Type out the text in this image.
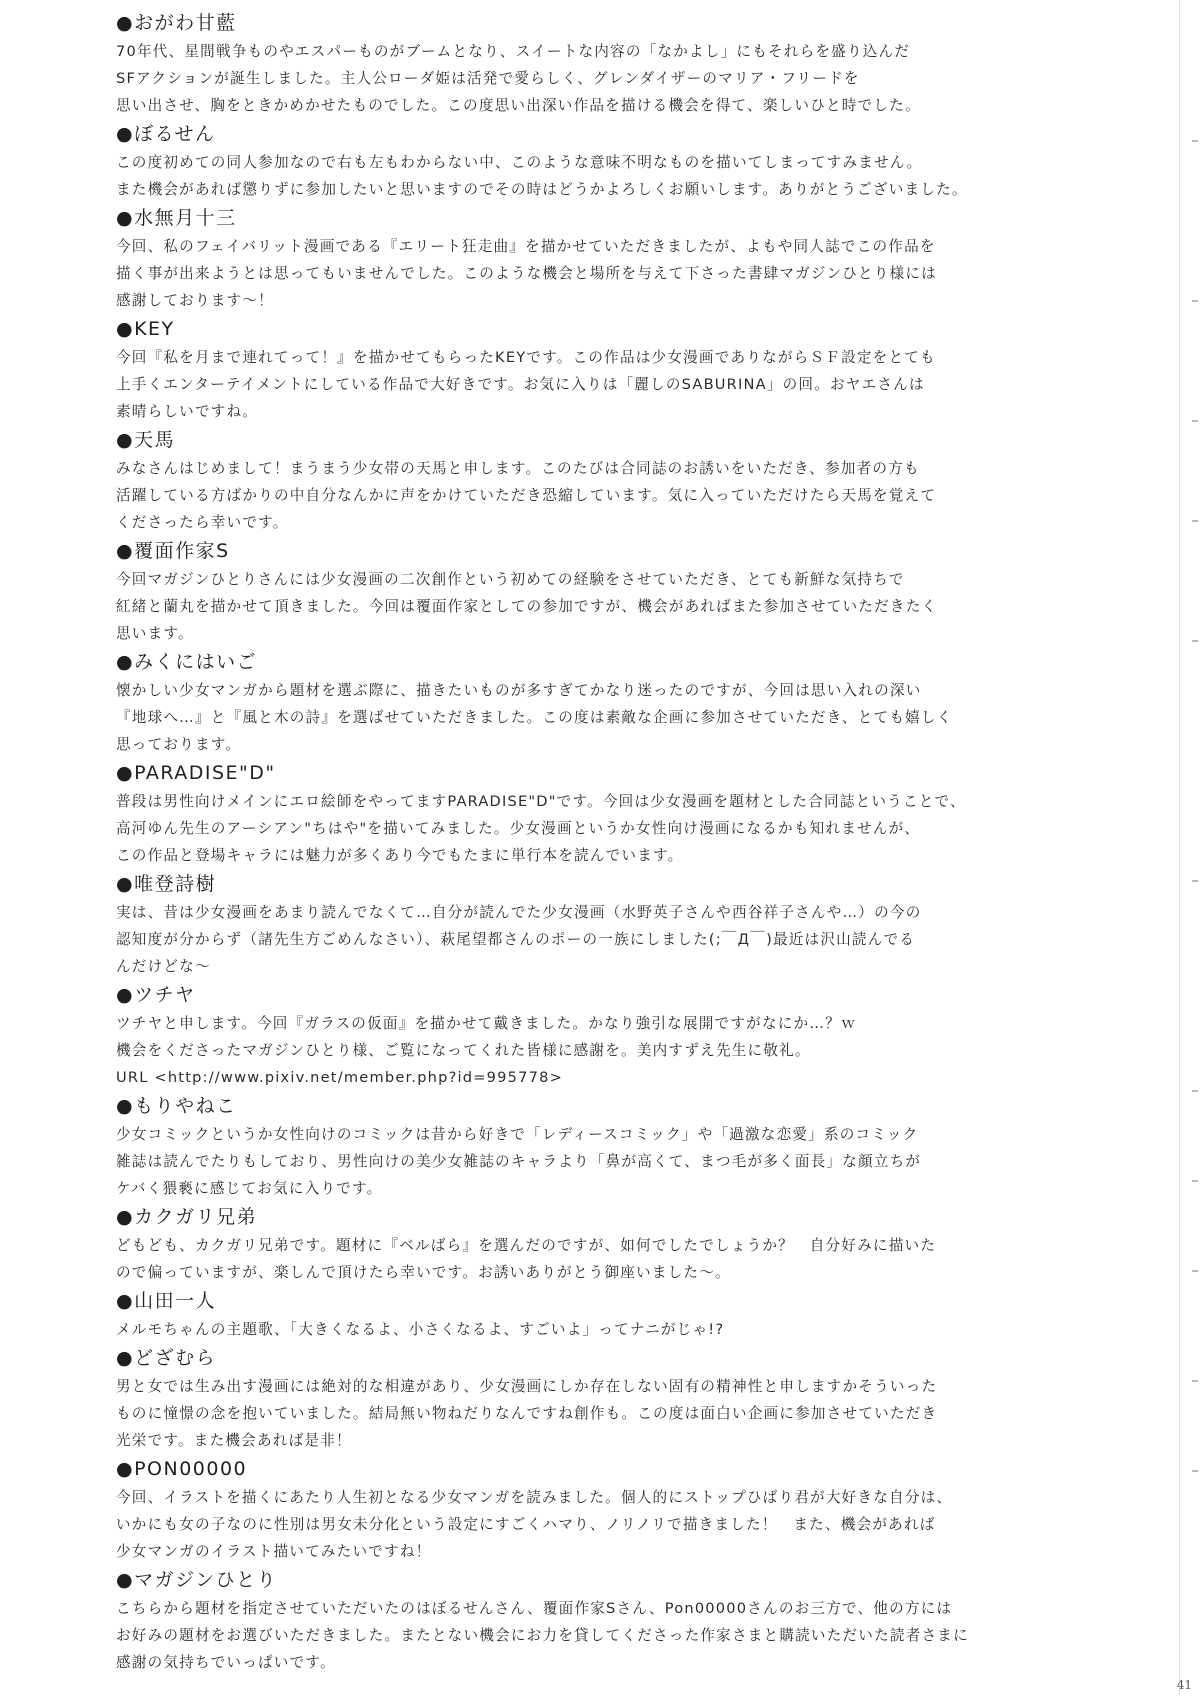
●おがわ甘藍
70年代、星間戦争ものやエスパーものがブームとなり、スイートな内容の「なかよし」にもそれらを盛り込んだ
SFアクションが誕生しました。主人公ローダ姫は活発で愛らしく、グレンダイザーのマリア・フリードを
思い出させ、胸をときかめかせたものでした。この度思い出深い作品を描ける機会を得て、楽しいひと時でした。
●ぼるせん
この度初めての同人参加なので右も左もわからない中、このような意味不明なものを描いてしまってすみません。
また機会があれば懲りずに参加したいと思いますのでその時はどうかよろしくお願いします。ありがとうございました。
●水無月十三
今回、私のフェイバリット漫画である『エリート狂走曲』を描かせていただきましたが、よもや同人誌でこの作品を
描く事が出来ようとは思ってもいませんでした。このような機会と場所を与えて下さった書肆マガジンひとり様には
感謝しております～！
●KEY
今回『私を月まで連れてって！』を描かせてもらったKEYです。この作品は少女漫画でありながらＳＦ設定をとても
上手くエンターテイメントにしている作品で大好きです。お気に入りは「麗しのSABURINA」の回。おヤエさんは
素晴らしいですね。
●天馬
みなさんはじめまして！まうまう少女帯の天馬と申します。このたびは合同誌のお誘いをいただき、参加者の方も
活躍している方ばかりの中自分なんかに声をかけていただき恐縮しています。気に入っていただけたら天馬を覚えて
くださったら幸いです。
●覆面作家S
今回マガジンひとりさんには少女漫画の二次創作という初めての経験をさせていただき、とても新鮮な気持ちで
紅緒と蘭丸を描かせて頂きました。今回は覆面作家としての参加ですが、機会があればまた参加させていただきたく
思います。
●みくにはいご
懐かしい少女マンガから題材を選ぶ際に、描きたいものが多すぎてかなり迷ったのですが、今回は思い入れの深い
『地球へ…』と『風と木の詩』を選ばせていただきました。この度は素敵な企画に参加させていただき、とても嬉しく
思っております。
●PARADISE"D"
普段は男性向けメインにエロ絵師をやってますPARADISE"D"です。今回は少女漫画を題材とした合同誌ということで、
高河ゆん先生のアーシアン"ちはや"を描いてみました。少女漫画というか女性向け漫画になるかも知れませんが、
この作品と登場キャラには魅力が多くあり今でもたまに単行本を読んでいます。
●唯登詩樹
実は、昔は少女漫画をあまり読んでなくて…自分が読んでた少女漫画（水野英子さんや西谷祥子さんや…）の今の
認知度が分からず（諸先生方ごめんなさい）、萩尾望都さんのポーの一族にしました(;￣Д￣)最近は沢山読んでる
んだけどな～
●ツチヤ
ツチヤと申します。今回『ガラスの仮面』を描かせて戴きました。かなり強引な展開ですがなにか…？ｗ
機会をくださったマガジンひとり様、ご覧になってくれた皆様に感謝を。美内すずえ先生に敬礼。
URL <http://www.pixiv.net/member.php?id=995778>
●もりやねこ
少女コミックというか女性向けのコミックは昔から好きで「レディースコミック」や「過激な恋愛」系のコミック
雑誌は読んでたりもしており、男性向けの美少女雑誌のキャラより「鼻が高くて、まつ毛が多く面長」な顔立ちが
ケバく猥褻に感じてお気に入りです。
●カクガリ兄弟
どもども、カクガリ兄弟です。題材に『ベルばら』を選んだのですが、如何でしたでしょうか？　自分好みに描いた
ので偏っていますが、楽しんで頂けたら幸いです。お誘いありがとう御座いました～。
●山田一人
メルモちゃんの主題歌、「大きくなるよ、小さくなるよ、すごいよ」ってナニがじゃ!?
●どざむら
男と女では生み出す漫画には絶対的な相違があり、少女漫画にしか存在しない固有の精神性と申しますかそういった
ものに憧憬の念を抱いていました。結局無い物ねだりなんですね創作も。この度は面白い企画に参加させていただき
光栄です。また機会あれば是非！
●PON00000
今回、イラストを描くにあたり人生初となる少女マンガを読みました。個人的にストップひばり君が大好きな自分は、
いかにも女の子なのに性別は男女未分化という設定にすごくハマり、ノリノリで描きました！　また、機会があれば
少女マンガのイラスト描いてみたいですね！
●マガジンひとり
こちらから題材を指定させていただいたのはぼるせんさん、覆面作家Sさん、Pon00000さんのお三方で、他の方には
お好みの題材をお選びいただきました。またとない機会にお力を貸してくださった作家さまと購読いただいた読者さまに
感謝の気持ちでいっぱいです。
41
